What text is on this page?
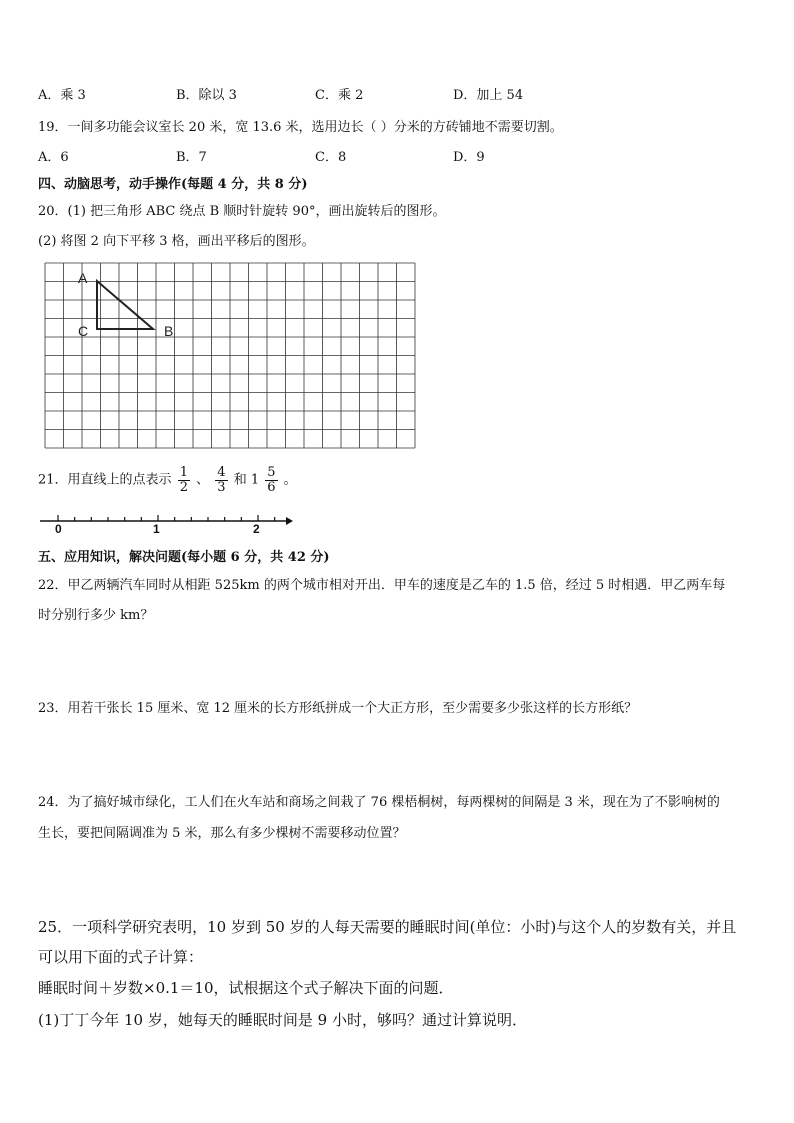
A．乘 3	B．除以 3	C．乘 2	D．加上 54
19．一间多功能会议室长 20 米，宽 13.6 米，选用边长（ ）分米的方砖铺地不需要切割。
A．6	B．7	C．8	D．9
四、动脑思考，动手操作(每题 4 分，共 8 分)
20．(1) 把三角形 ABC 绕点 B 顺时针旋转 90°，画出旋转后的图形。
(2) 将图 2 向下平移 3 格，画出平移后的图形。
A
C	B
21．用直线上的点表示 $\frac{1}{2}$ 、 $\frac{4}{3}$ 和 $1 \frac{5}{6}$ 。
0	1	2
五、应用知识，解决问题(每小题 6 分，共 42 分)
22．甲乙两辆汽车同时从相距 525km 的两个城市相对开出．甲车的速度是乙车的 1.5 倍，经过 5 时相遇．甲乙两车每
时分别行多少 km？
23．用若干张长 15 厘米、宽 12 厘米的长方形纸拼成一个大正方形，至少需要多少张这样的长方形纸？
24．为了搞好城市绿化，工人们在火车站和商场之间栽了 76 棵梧桐树，每两棵树的间隔是 3 米，现在为了不影响树的
生长，要把间隔调准为 5 米，那么有多少棵树不需要移动位置？
25．一项科学研究表明，10 岁到 50 岁的人每天需要的睡眠时间(单位：小时)与这个人的岁数有关，并且
可以用下面的式子计算：
睡眠时间＋岁数×0.1＝10，试根据这个式子解决下面的问题．
(1)丁丁今年 10 岁，她每天的睡眠时间是 9 小时，够吗？通过计算说明．
